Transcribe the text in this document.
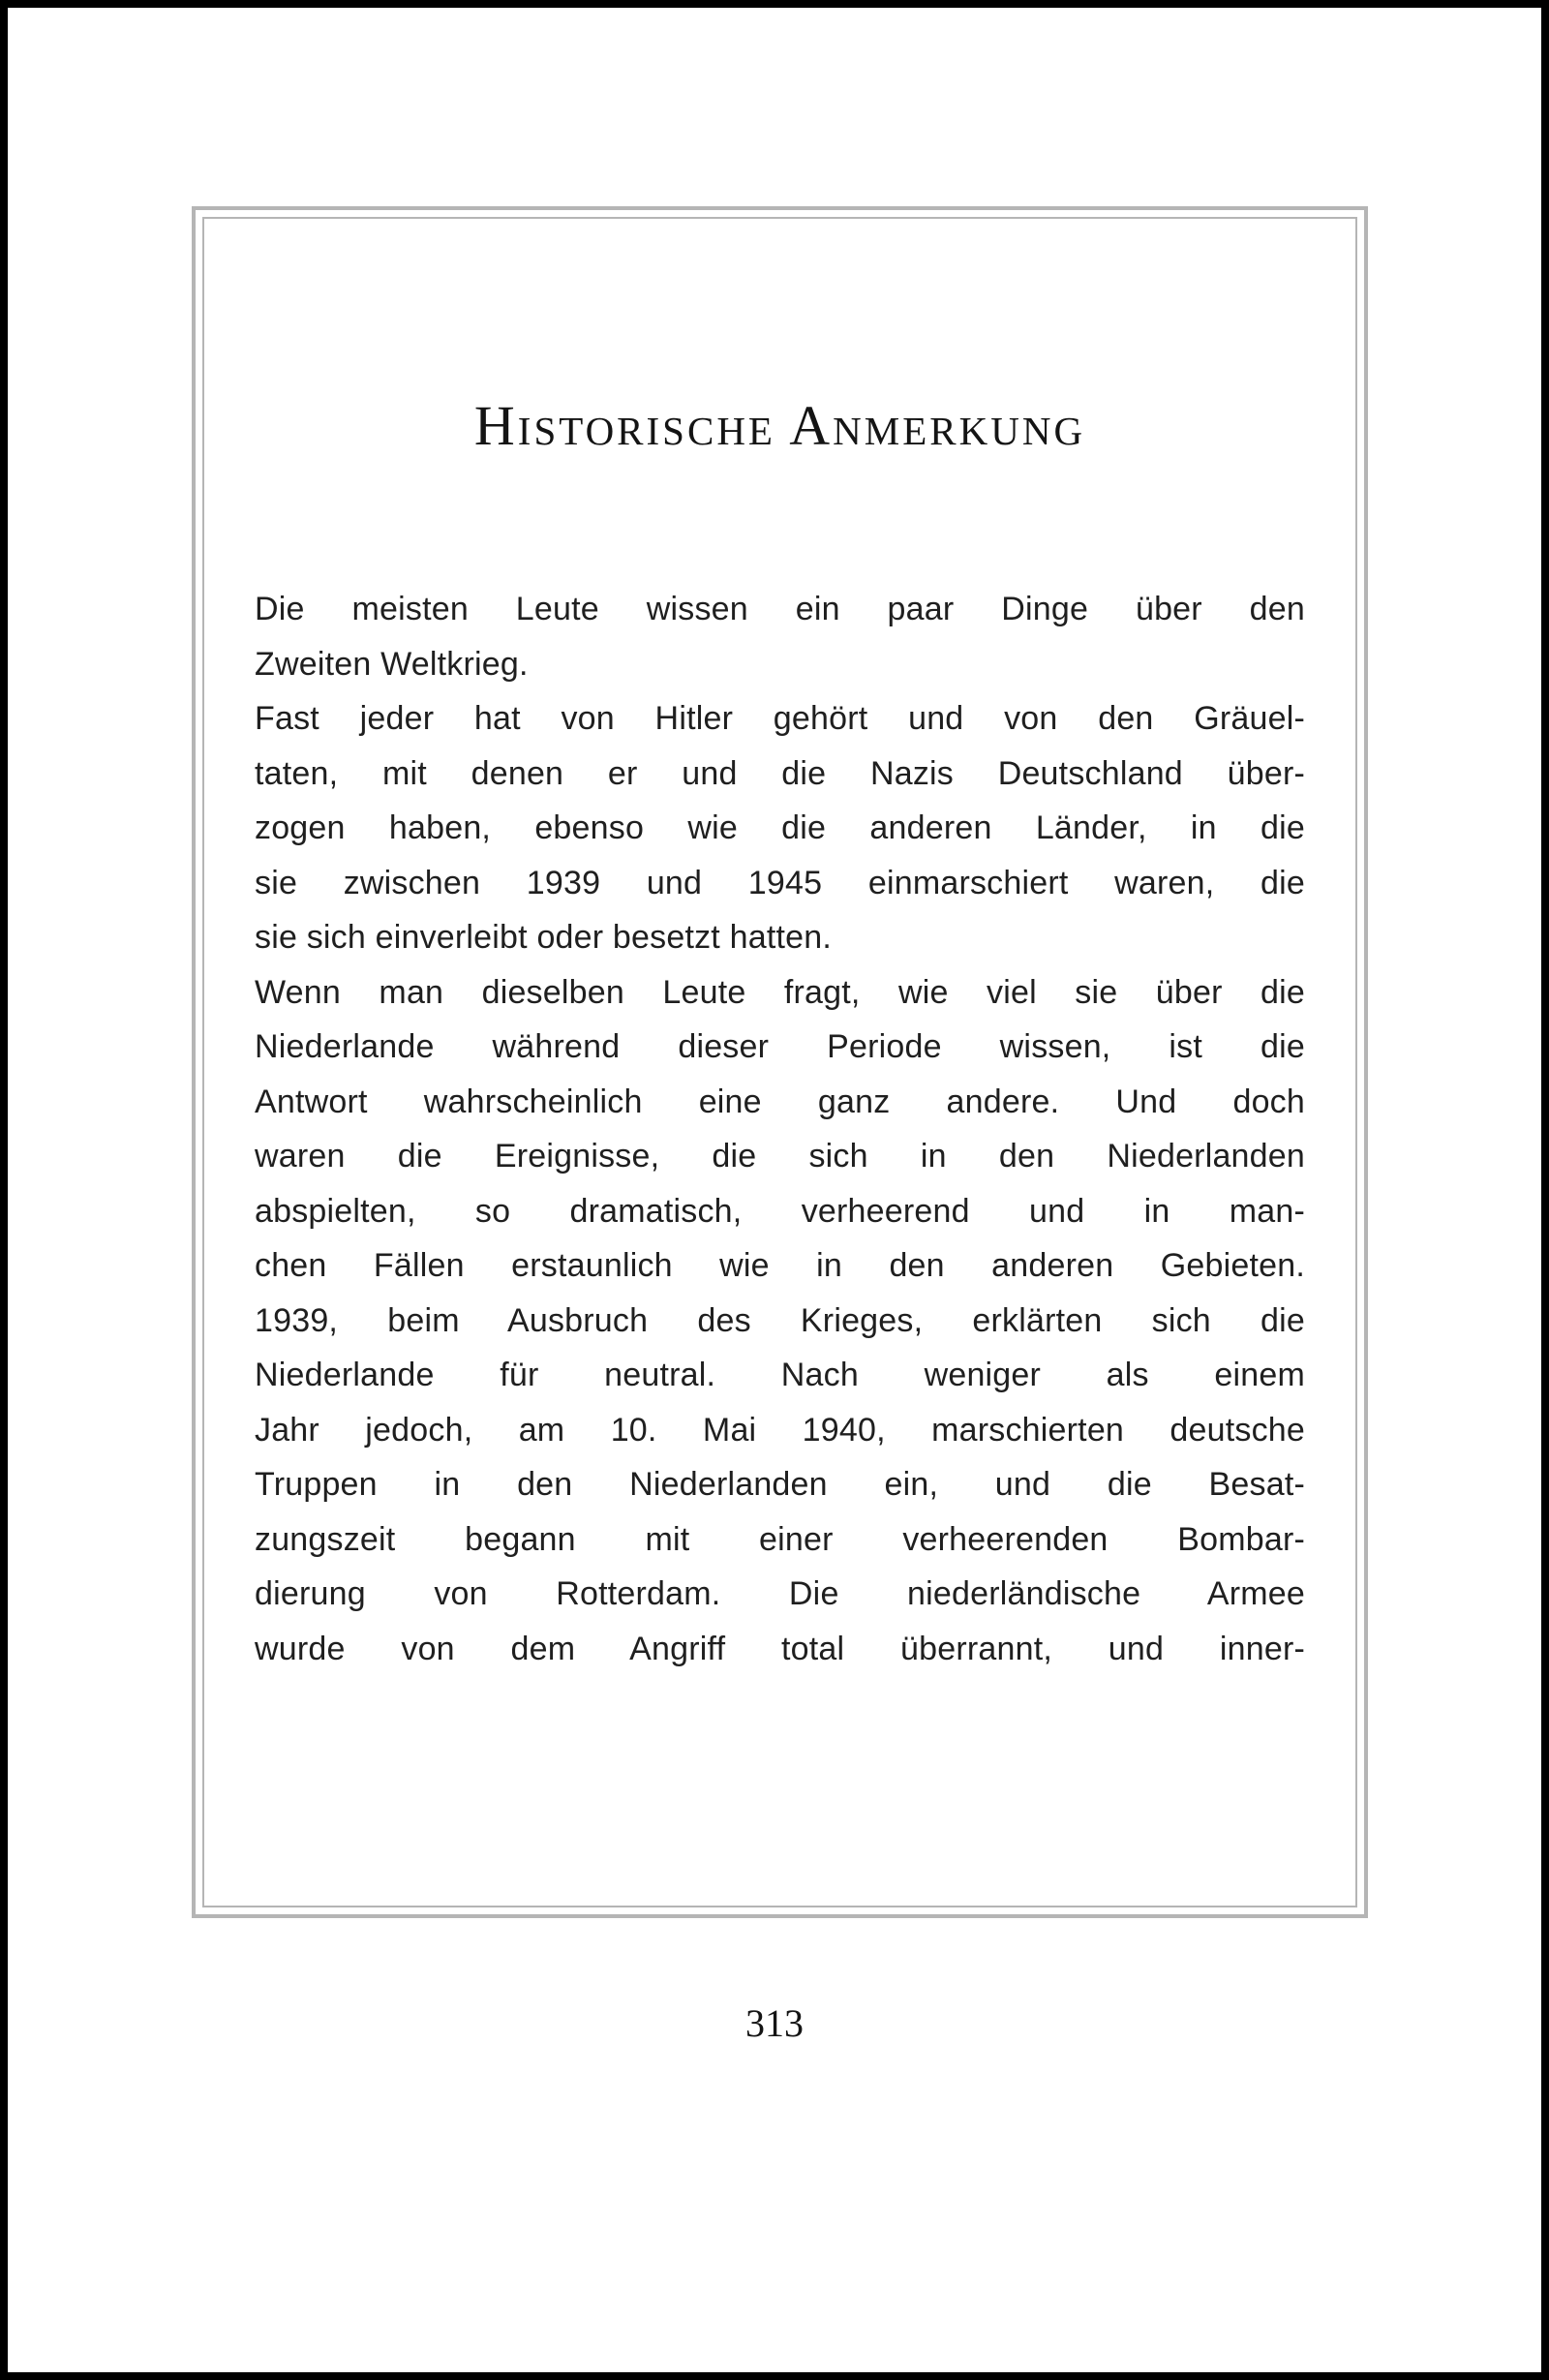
Historische Anmerkung
Die meisten Leute wissen ein paar Dinge über den
Zweiten Weltkrieg.
Fast jeder hat von Hitler gehört und von den Gräuel-
taten, mit denen er und die Nazis Deutschland über-
zogen haben, ebenso wie die anderen Länder, in die
sie zwischen 1939 und 1945 einmarschiert waren, die
sie sich einverleibt oder besetzt hatten.
Wenn man dieselben Leute fragt, wie viel sie über die
Niederlande während dieser Periode wissen, ist die
Antwort wahrscheinlich eine ganz andere. Und doch
waren die Ereignisse, die sich in den Niederlanden
abspielten, so dramatisch, verheerend und in man-
chen Fällen erstaunlich wie in den anderen Gebieten.
1939, beim Ausbruch des Krieges, erklärten sich die
Niederlande für neutral. Nach weniger als einem
Jahr jedoch, am 10. Mai 1940, marschierten deutsche
Truppen in den Niederlanden ein, und die Besat-
zungszeit begann mit einer verheerenden Bombar-
dierung von Rotterdam. Die niederländische Armee
wurde von dem Angriff total überrannt, und inner-
313
